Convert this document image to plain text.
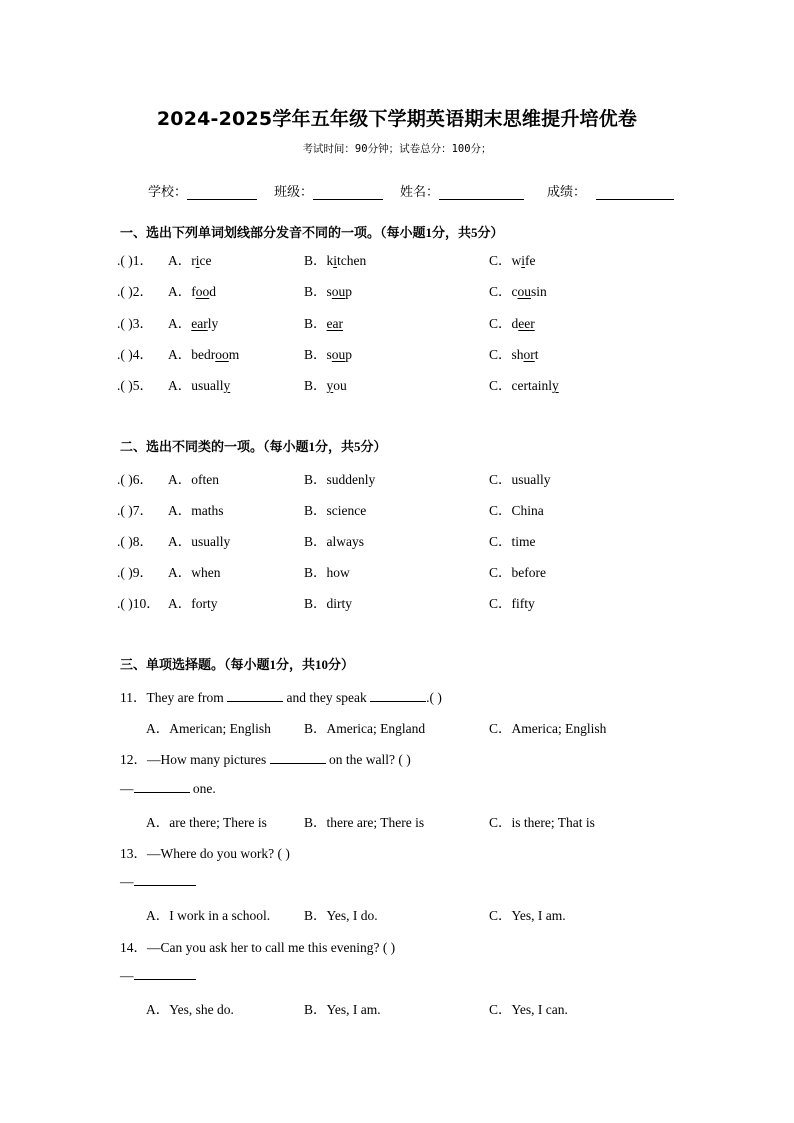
2024-2025学年五年级下学期英语期末思维提升培优卷
考试时间：90分钟；试卷总分：100分；
学校：	班级：	姓名：	成绩：
一、选出下列单词划线部分发音不同的一项。（每小题1分，共5分）
.( )1． A．rice	B．kitchen	C．wife
.( )2． A．food	B．soup	C．cousin
.( )3． A．early	B．ear	C．deer
.( )4． A．bedroom	B．soup	C．short
.( )5． A．usually	B．you	C．certainly
二、选出不同类的一项。（每小题1分，共5分）
.( )6． A．often	B．suddenly	C．usually
.( )7． A．maths	B．science	C．China
.( )8． A．usually	B．always	C．time
.( )9． A．when	B．how	C．before
.( )10． A．forty	B．dirty	C．fifty
三、单项选择题。（每小题1分，共10分）
11．They are from	and they speak	.( )
A．American; English B．America; England	C．America; English
12．—How many pictures	on the wall? ( )
—	one.
A．are there; There is	B．there are; There is	C．is there; That is
13．—Where do you work? ( )
—
A．I work in a school.	B．Yes, I do.	C．Yes, I am.
14．—Can you ask her to call me this evening? ( )
—
A．Yes, she do.	B．Yes, I am.	C．Yes, I can.
